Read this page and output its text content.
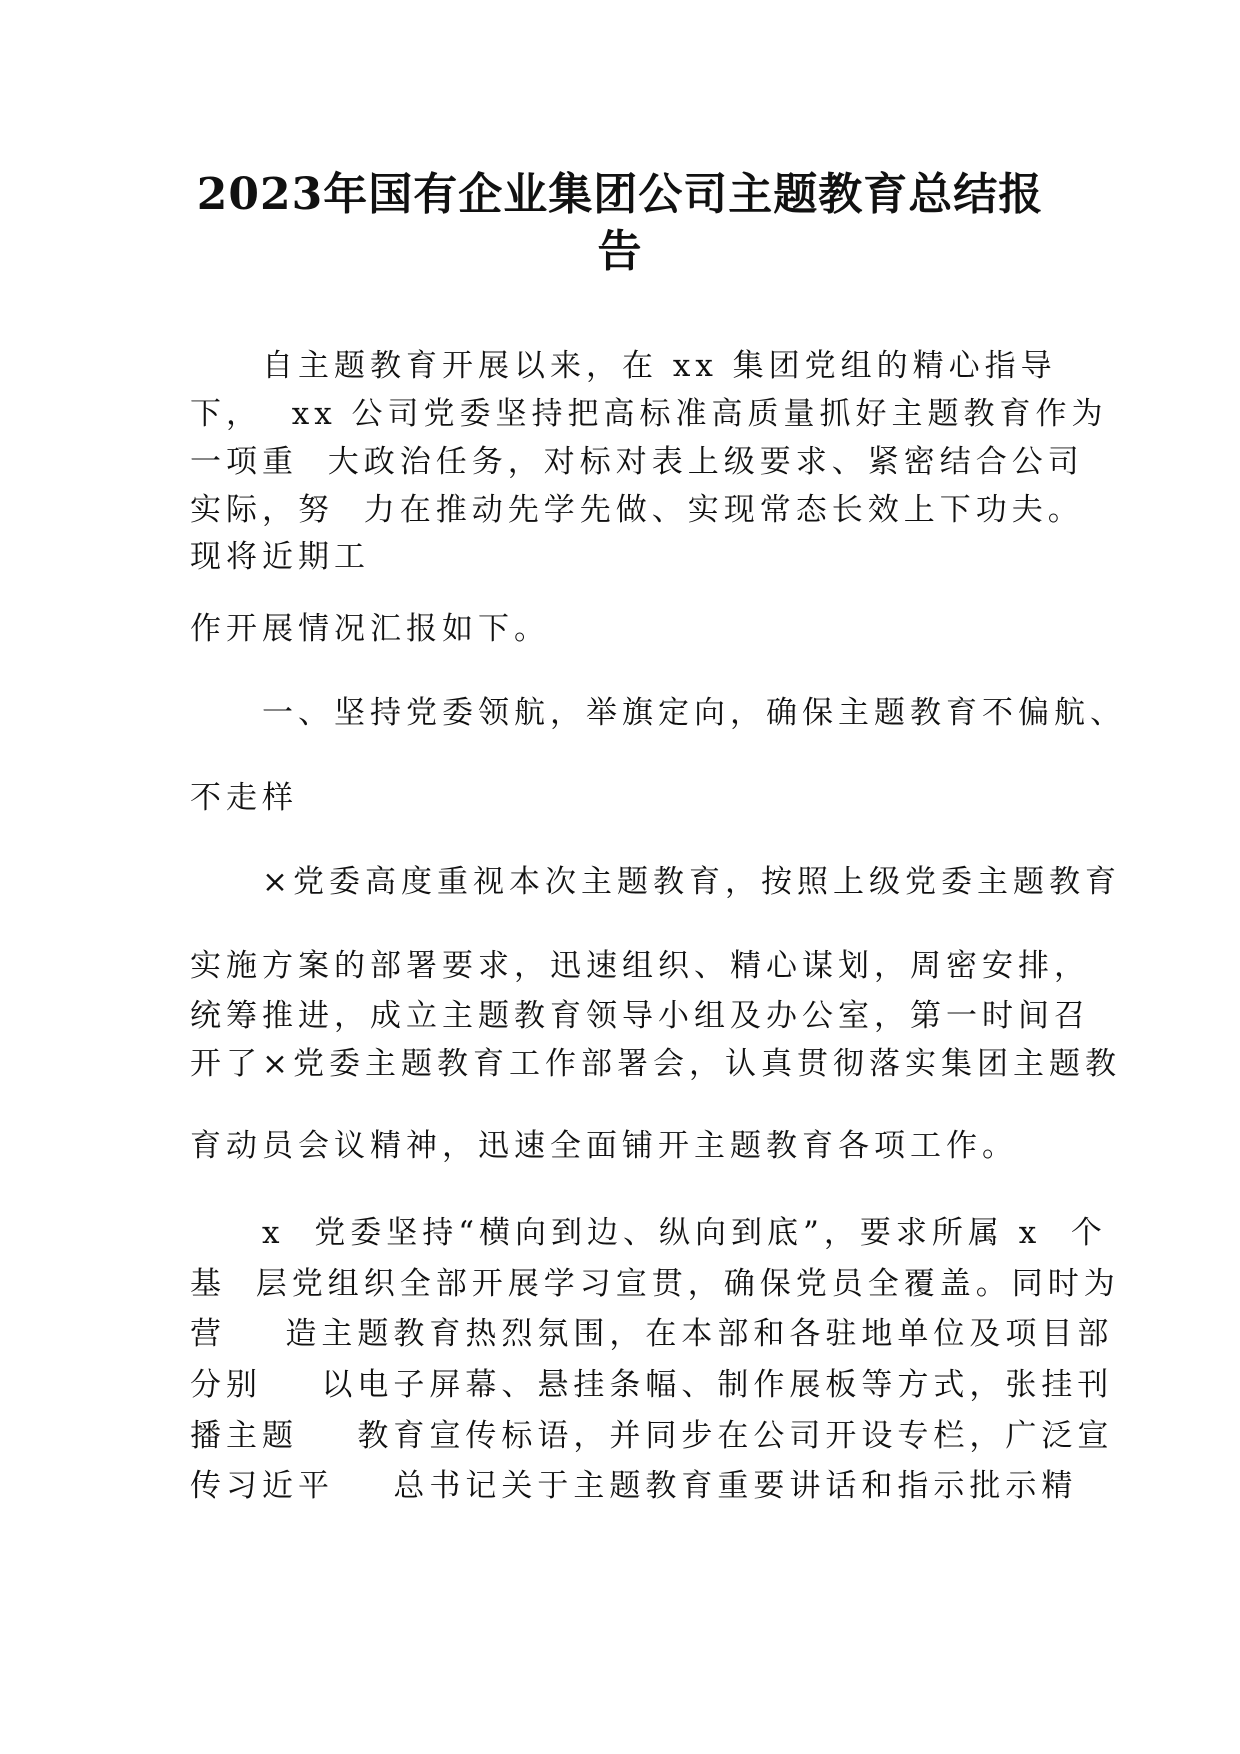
2023年国有企业集团公司主题教育总结报
告
自主题教育开展以来，在 xx 集团党组的精心指导
下，  xx 公司党委坚持把高标准高质量抓好主题教育作为
一项重  大政治任务，对标对表上级要求、紧密结合公司
实际，努  力在推动先学先做、实现常态长效上下功夫。
现将近期工
作开展情况汇报如下。
一、坚持党委领航，举旗定向，确保主题教育不偏航、
不走样
×党委高度重视本次主题教育，按照上级党委主题教育
实施方案的部署要求，迅速组织、精心谋划，周密安排，
统筹推进，成立主题教育领导小组及办公室，第一时间召
开了×党委主题教育工作部署会，认真贯彻落实集团主题教
育动员会议精神，迅速全面铺开主题教育各项工作。
x  党委坚持“横向到边、纵向到底”，要求所属 x  个
基  层党组织全部开展学习宣贯，确保党员全覆盖。同时为
营    造主题教育热烈氛围，在本部和各驻地单位及项目部
分别    以电子屏幕、悬挂条幅、制作展板等方式，张挂刊
播主题    教育宣传标语，并同步在公司开设专栏，广泛宣
传习近平    总书记关于主题教育重要讲话和指示批示精
